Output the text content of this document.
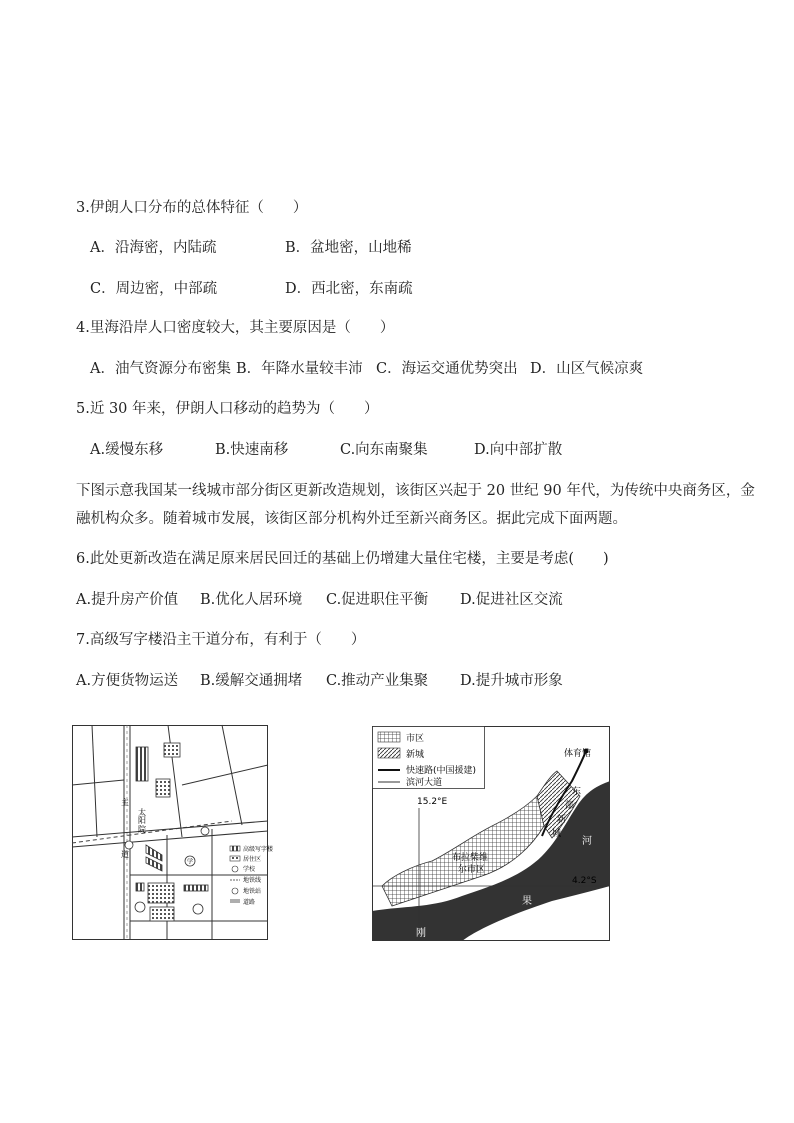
3.伊朗人口分布的总体特征（　　）
A．沿海密，内陆疏	B．盆地密，山地稀
C．周边密，中部疏	D．西北密，东南疏
4.里海沿岸人口密度较大，其主要原因是（　　）
A．油气资源分布密集 B．年降水量较丰沛 C．海运交通优势突出 D．山区气候凉爽
5.近 30 年来，伊朗人口移动的趋势为（　　）
A.缓慢东移	B.快速南移	C.向东南聚集	D.向中部扩散
下图示意我国某一线城市部分街区更新改造规划，该街区兴起于 20 世纪 90 年代，为传统中央商务区，金
融机构众多。随着城市发展，该街区部分机构外迁至新兴商务区。据此完成下面两题。
6.此处更新改造在满足原来居民回迁的基础上仍增建大量住宅楼，主要是考虑(　　)
A.提升房产价值 B.优化人居环境 C.促进职住平衡 D.促进社区交流
7.高级写字楼沿主干道分布，有利于（　　）
A.方便货物运送 B.缓解交通拥堵 C.推动产业集聚 D.提升城市形象
学
主
道
太
阳
院
高级写字楼
居住区
学校
地铁线
地铁站
道路
15.2°E
4.2°S
体育馆
布拉柴维
尔市区
东
部
新
城
河
果
刚
市区
新城
快速路(中国援建)
滨河大道
